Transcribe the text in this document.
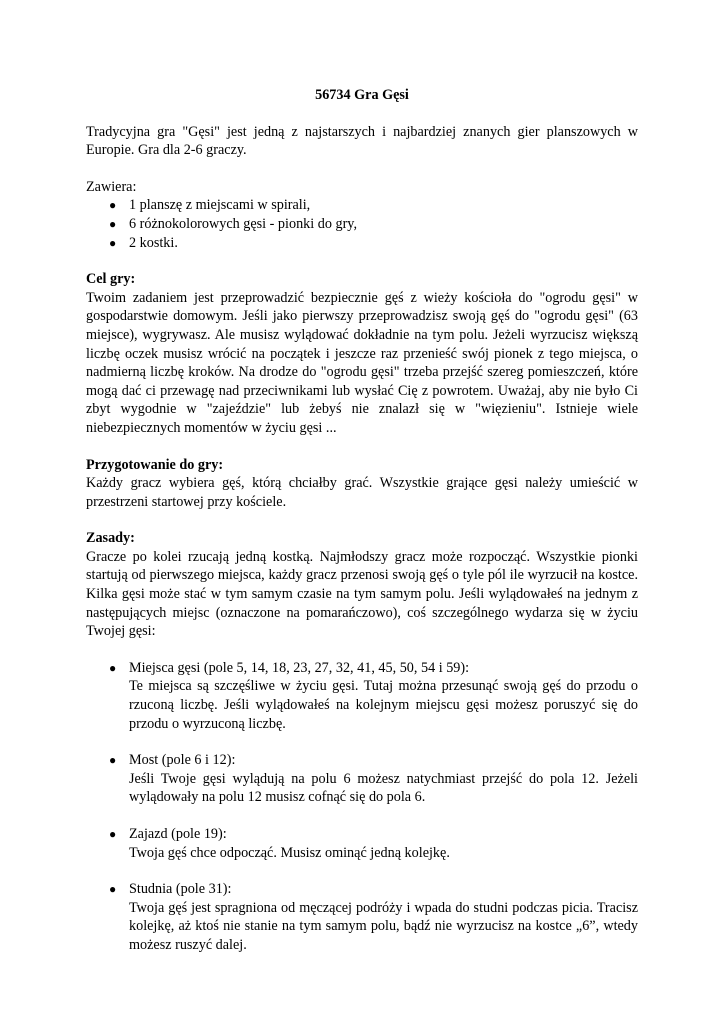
56734 Gra Gęsi

Tradycyjna gra "Gęsi" jest jedną z najstarszych i najbardziej znanych gier planszowych w Europie. Gra dla 2-6 graczy.

Zawiera:

● 1 planszę z miejscami w spirali,
● 6 różnokolorowych gęsi - pionki do gry,
● 2 kostki.

Cel gry:

Twoim zadaniem jest przeprowadzić bezpiecznie gęś z wieży kościoła do "ogrodu gęsi" w gospodarstwie domowym. Jeśli jako pierwszy przeprowadzisz swoją gęś do "ogrodu gęsi" (63 miejsce), wygrywasz. Ale musisz wylądować dokładnie na tym polu. Jeżeli wyrzucisz większą liczbę oczek musisz wrócić na początek i jeszcze raz przenieść swój pionek z tego miejsca, o nadmierną liczbę kroków. Na drodze do "ogrodu gęsi" trzeba przejść szereg pomieszczeń, które mogą dać ci przewagę nad przeciwnikami lub wysłać Cię z powrotem. Uważaj, aby nie było Ci zbyt wygodnie w "zajeździe" lub żebyś nie znalazł się w "więzieniu". Istnieje wiele niebezpiecznych momentów w życiu gęsi ...

Przygotowanie do gry:

Każdy gracz wybiera gęś, którą chciałby grać. Wszystkie grające gęsi należy umieścić w przestrzeni startowej przy kościele.

Zasady:

Gracze po kolei rzucają jedną kostką. Najmłodszy gracz może rozpocząć. Wszystkie pionki startują od pierwszego miejsca, każdy gracz przenosi swoją gęś o tyle pól ile wyrzucił na kostce. Kilka gęsi może stać w tym samym czasie na tym samym polu. Jeśli wylądowałeś na jednym z następujących miejsc (oznaczone na pomarańczowo), coś szczególnego wydarza się w życiu Twojej gęsi:

● Miejsca gęsi (pole 5, 14, 18, 23, 27, 32, 41, 45, 50, 54 i 59):
Te miejsca są szczęśliwe w życiu gęsi. Tutaj można przesunąć swoją gęś do przodu o rzuconą liczbę. Jeśli wylądowałeś na kolejnym miejscu gęsi możesz poruszyć się do przodu o wyrzuconą liczbę.
● Most (pole 6 i 12):
Jeśli Twoje gęsi wylądują na polu 6 możesz natychmiast przejść do pola 12. Jeżeli wylądowały na polu 12 musisz cofnąć się do pola 6.
● Zajazd (pole 19):
Twoja gęś chce odpocząć. Musisz ominąć jedną kolejkę.
● Studnia (pole 31):
Twoja gęś jest spragniona od męczącej podróży i wpada do studni podczas picia. Tracisz kolejkę, aż ktoś nie stanie na tym samym polu, bądź nie wyrzucisz na kostce „6”, wtedy możesz ruszyć dalej.
